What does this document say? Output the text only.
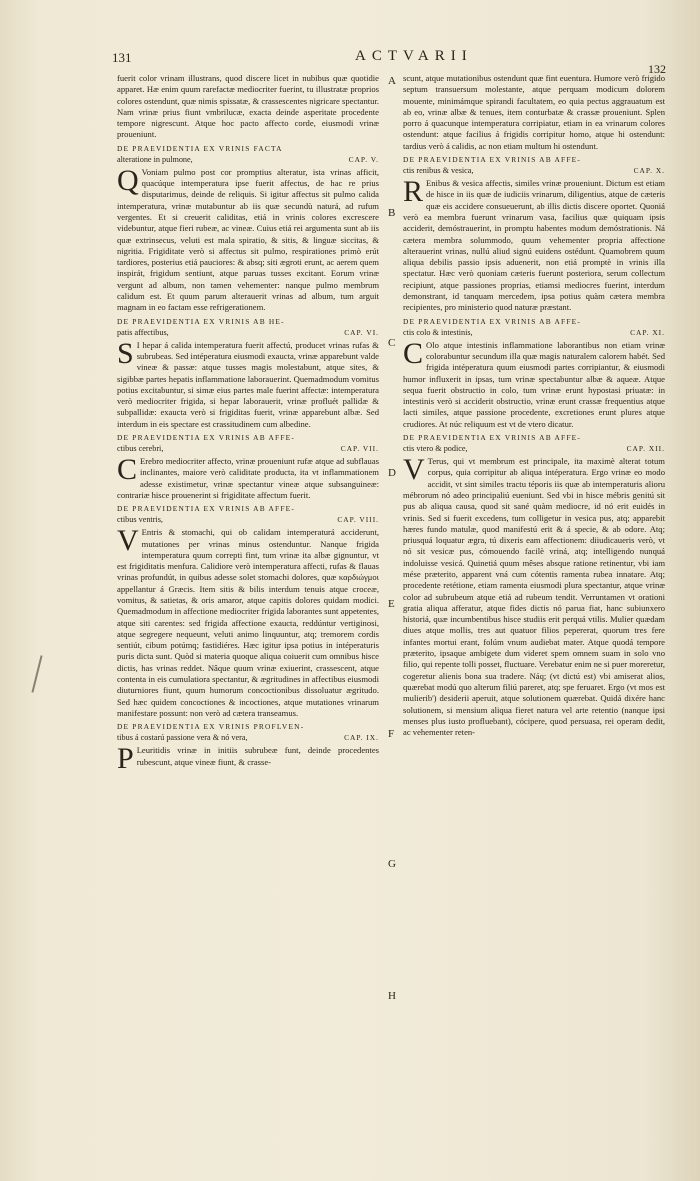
131	ACTVARII
132
A
B
C
D
E
F
G
H

fuerit color vrinam illustrans, quod discere licet in nubibus quæ quotidie apparet. Hæ enim quum rarefactæ mediocriter fuerint, tu illustratæ proprios colores ostendunt, quæ nimis spissatæ, & crassescentes nigricare spectantur. Nam vrinæ prius fiunt vmbrilucæ, exacta deinde asperitate procedente tempore nigrescunt. Atque hoc pacto affecto corde, eiusmodi vrinæ proueniunt.

DE PRAEVIDENTIA EX VRINIS FACTA
alteratione in pulmone,	CAP. V.

Q Voniam pulmo post cor promptius alteratur, ista vrinas afficit, quacúque intemperatura ipse fuerit affectus, de hac re prius disputarimus, deinde de reliquis. Si igitur affectus sit pulmo calida intemperatura, vrinæ mutabuntur ab iis quæ secundù naturá, ad rufum vergentes. Et si creuerit caliditas, etiá in vrinis colores excrescere videbuntur, atque fieri rubeæ, ac vineæ. Cuius etiá rei argumenta sunt ab iis quæ extrinsecus, veluti est mala spiratio, & sitis, & linguæ siccitas, & nigritia. Frigiditate verò si affectus sit pulmo, respirationes primò erút tardiores, posterius etiá pauciores: & absq; siti ægroti erunt, ac aerem quem inspirát, frigidum sentiunt, atque paruas tusses excitant. Eorum vrinæ vergunt ad album, non tamen vehementer: nanque pulmo membrum calidum est. Et quum parum alterauerit vrinas ad album, tum arguit magnam in eo factam esse refrigerationem.

DE PRAEVIDENTIA EX VRINIS AB HE-
patis affectibus,	CAP. VI.

S I hepar á calida intemperatura fuerit affectú, producet vrinas rufas & subrubeas. Sed intéperatura eiusmodi exaucta, vrinæ apparebunt valde vineæ & passæ: atque tusses magis molestabunt, atque sites, & sigibbæ partes hepatis inflammatione laborauerint. Quemadmodum vomitus potius excitabuntur, si simæ eius partes male fuerint affectæ: intemperatura verò mediocriter frigida, si hepar laborauerit, vrinæ profluét pallidæ & subpallidæ: exaucta verò si frigiditas fuerit, vrinæ apparebunt albæ. Sed interdum in eis spectare est crassitudinem cum albedine.

DE PRAEVIDENTIA EX VRINIS AB AFFE-
ctibus cerebri,	CAP. VII.

C Erebro mediocriter affecto, vrinæ proueniunt rufæ atque ad subflauas inclinantes, maiore verò caliditate producta, ita vt inflammationem adesse existimetur, vrinæ spectantur vineæ atque subsanguineæ: contrariæ hisce prouenerint si frigiditate affectum fuerit.

DE PRAEVIDENTIA EX VRINIS AB AFFE-
ctibus ventris,	CAP. VIII.

V Entris & stomachi, qui ob calidam intemperaturá acciderunt, mutationes per vrinas minus ostenduntur. Nanque frigida intemperatura quum correpti fint, tum vrinæ ita albæ gignuntur, vt est frigiditatis menfura. Calidiore verò intemperatura affecti, rufas & flauas vrinas profundút, in quibus adesse solet stomachi dolores, quæ καρδιώγμοι appellantur á Græcis. Item sitis & bilis interdum tenuis atque croceæ, vomitus, & satietas, & oris amaror, atque capitis dolores quidam modici. Quemadmodum in affectione mediocriter frigida laborantes sunt appetentes, atque siti carentes: sed frigida affectione exaucta, reddúntur vertiginosi, atque segregere nequeunt, veluti animo linquuntur, atq; tremorem cordis sentiút, cibum potúmq; fastidiéres. Hæc igitur ipsa potius in intéperaturis puris dicta sunt. Quòd si materia quoque aliqua coiuerit cum omnibus hisce dictis, has vrinas reddet. Nâque quum vrinæ exiuerint, crassescent, atque contenta in eis cumulatiora spectantur, & ægritudines in affectibus eiusmodi diuturniores fiunt, quum humorum concoctionibus dissoluatur ægritudo. Sed hæc quidem concoctiones & incoctiones, atque mutationes vrinarum manifestare possunt: non verò ad cætera transeamus.

DE PRAEVIDENTIA EX VRINIS PROFLVEN-
tibus á costarú passione vera & nó vera,	CAP. IX.

P Leuritidis vrinæ in initiis subrubeæ funt, deinde procedentes rubescunt, atque vineæ fiunt, & crasse-

scunt, atque mutationibus ostendunt quæ fint euentura. Humore verò frigido septum transuersum molestante, atque perquam modicum dolorem mouente, minimámque spirandi facultatem, eo quia pectus aggrauatum est ab eo, vrinæ albæ & tenues, item conturbatæ & crassæ proueniunt. Splen porro á quacunque intemperatura corripiatur, etiam in ea vrinarum colores ostendunt: atque facilius á frigidis corripitur homo, atque hi ostendunt: tardius verò á calidis, ac non etiam multum hi ostendunt.

DE PRAEVIDENTIA EX VRINIS AB AFFE-
ctis renibus & vesica,	CAP. X.

R Enibus & vesica affectis, similes vrinæ proueniunt. Dictum est etiam de hisce in iis quæ de iudiciis vrinarum, diligentius, atque de cæteris quæ eis accidere consueuerunt, ab illis dictis discere oportet. Quoniá verò ea membra fuerunt vrinarum vasa, facilius quæ quiquam ipsis acciderit, demóstrauerint, in promptu habentes modum demóstrationis. Ná cætera membra solummodo, quum vehementer propria affectione alterauerint vrinas, nullú aliud signú euidens ostédunt. Quamobrem quum aliqua debilis passio ipsis aduenerit, non etiá promptè in vrinis illa spectatur. Hæc verò quoniam cæteris fuerunt posteriora, serum collectum recipiunt, atque passiones proprias, etiamsi mediocres fuerint, interdum demonstrant, id tanquam mercedem, ipsa potius quàm cætera membra recipientes, pro ministerio quod naturæ præstant.

DE PRAEVIDENTIA EX VRINIS AB AFFE-
ctis colo & intestinis,	CAP. XI.

C Olo atque intestinis inflammatione laborantibus non etiam vrinæ colorabuntur secundum illa quæ magis naturalem calorem habét. Sed frigida intéperatura quum eiusmodi partes corripiantur, & eiusmodi humor influxerit in ipsas, tum vrinæ spectabuntur albæ & aqueæ. Atque sequa fuerit obstructio in colo, tum vrinæ erunt hypostasi priuatæ: in intestinis verò si acciderit obstructio, vrinæ erunt crassæ frequentius atque lacti similes, atque passione procedente, excretiones erunt plures atque crudiores. At núc reliquum est vt de vtero dicatur.

DE PRAEVIDENTIA EX VRINIS AB AFFE-
ctis vtero & podice,	CAP. XII.

V Terus, qui vt membrum est principale, ita maximè alterat totum corpus, quia corripitur ab aliqua intéperatura. Ergo vrinæ eo modo accidit, vt sint similes tractu téporis iis quæ ab intemperaturis alioru mébrorum nó adeo principaliú eueniunt. Sed vbi in hisce mébris genitú sit pus ab aliqua causa, quod sit sané quàm mediocre, id nó erit euidés in vrinis. Sed si fuerit excedens, tum colligetur in vesica pus, atq; apparebit hæres fundo matulæ, quod manifestú erit & á specie, & ab odore. Atq; priusquá loquatur ægra, tú dixeris eam affectionem: diiudicaueris verò, vt nó sit vesicæ pus, cómouendo facilè vriná, atq; intelligendo nunquá indoluisse vesicá. Quinetiá quum mêses absque ratione retinentur, vbi iam mése præterito, apparent vná cum cótentis ramenta rubea innatare. Atq; procedente retétione, etiam ramenta eiusmodi plura spectantur, atque vrinæ color ad subrubeum atque etiá ad rubeum tendit. Verruntamen vt orationi gratia aliqua afferatur, atque fides dictis nó parua fiat, hanc subiunxero historiá, quæ incumbentibus hisce studiis erit perquá vtilis. Mulier quædam diues atque mollis, tres aut quatuor filios pepererat, quorum tres fere infantes mortui erant, folúm vnum audiebat mater. Atque quodá tempore præterito, ipsaque ambigete dum videret spem omnem suam in solo vno filio, qui repente tolli posset, fluctuare. Verebatur enim ne si puer moreretur, cogeretur alienis bona sua tradere. Náq; (vt dictú est) vbi amiserat alios, quærebat modú quo alterum filiú pareret, atq; spe feruaret. Ergo (vt mos est mulierib') desiderii aperuit, atque solutionem quærebat. Quidá dixére hanc solutionem, si mensium aliqua fieret natura vel arte retentio (nanque ipsi menses plus iusto profluebant), cócipere, quod persuasa, rei operam dedit, ac vehementer reten-
